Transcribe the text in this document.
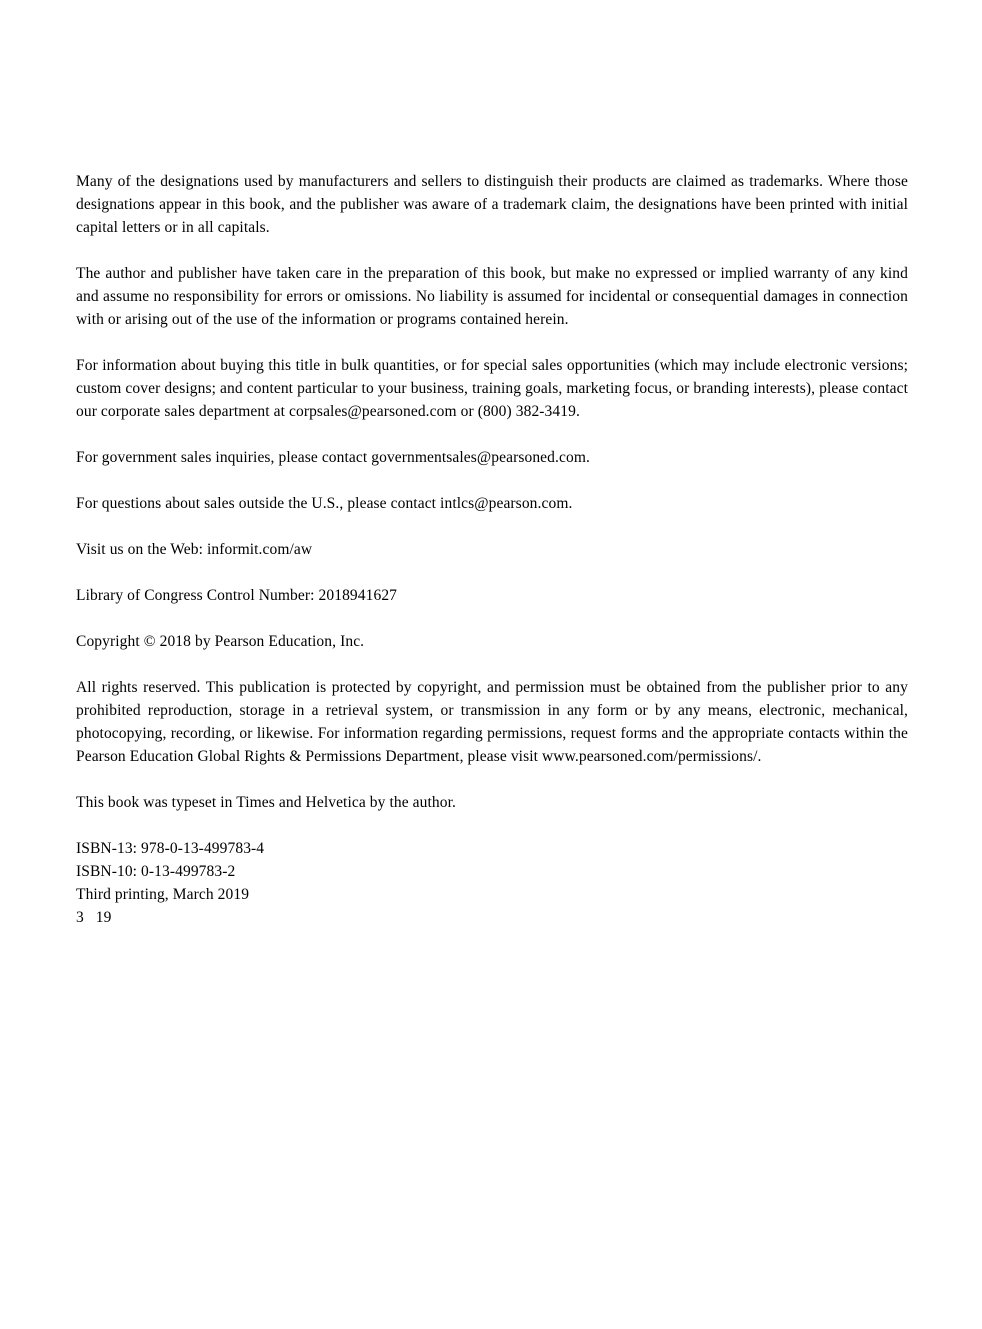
Many of the designations used by manufacturers and sellers to distinguish their products are claimed as trademarks. Where those designations appear in this book, and the publisher was aware of a trademark claim, the designations have been printed with initial capital letters or in all capitals.

The author and publisher have taken care in the preparation of this book, but make no expressed or implied warranty of any kind and assume no responsibility for errors or omissions. No liability is assumed for incidental or consequential damages in connection with or arising out of the use of the information or programs contained herein.

For information about buying this title in bulk quantities, or for special sales opportunities (which may include electronic versions; custom cover designs; and content particular to your business, training goals, marketing focus, or branding interests), please contact our corporate sales department at corpsales@pearsoned.com or (800) 382-3419.

For government sales inquiries, please contact governmentsales@pearsoned.com.

For questions about sales outside the U.S., please contact intlcs@pearson.com.

Visit us on the Web: informit.com/aw

Library of Congress Control Number: 2018941627

Copyright © 2018 by Pearson Education, Inc.

All rights reserved. This publication is protected by copyright, and permission must be obtained from the publisher prior to any prohibited reproduction, storage in a retrieval system, or transmission in any form or by any means, electronic, mechanical, photocopying, recording, or likewise. For information regarding permissions, request forms and the appropriate contacts within the Pearson Education Global Rights & Permissions Department, please visit www.pearsoned.com/permissions/.

This book was typeset in Times and Helvetica by the author.

ISBN-13: 978-0-13-499783-4
ISBN-10: 0-13-499783-2
Third printing, March 2019
3   19
